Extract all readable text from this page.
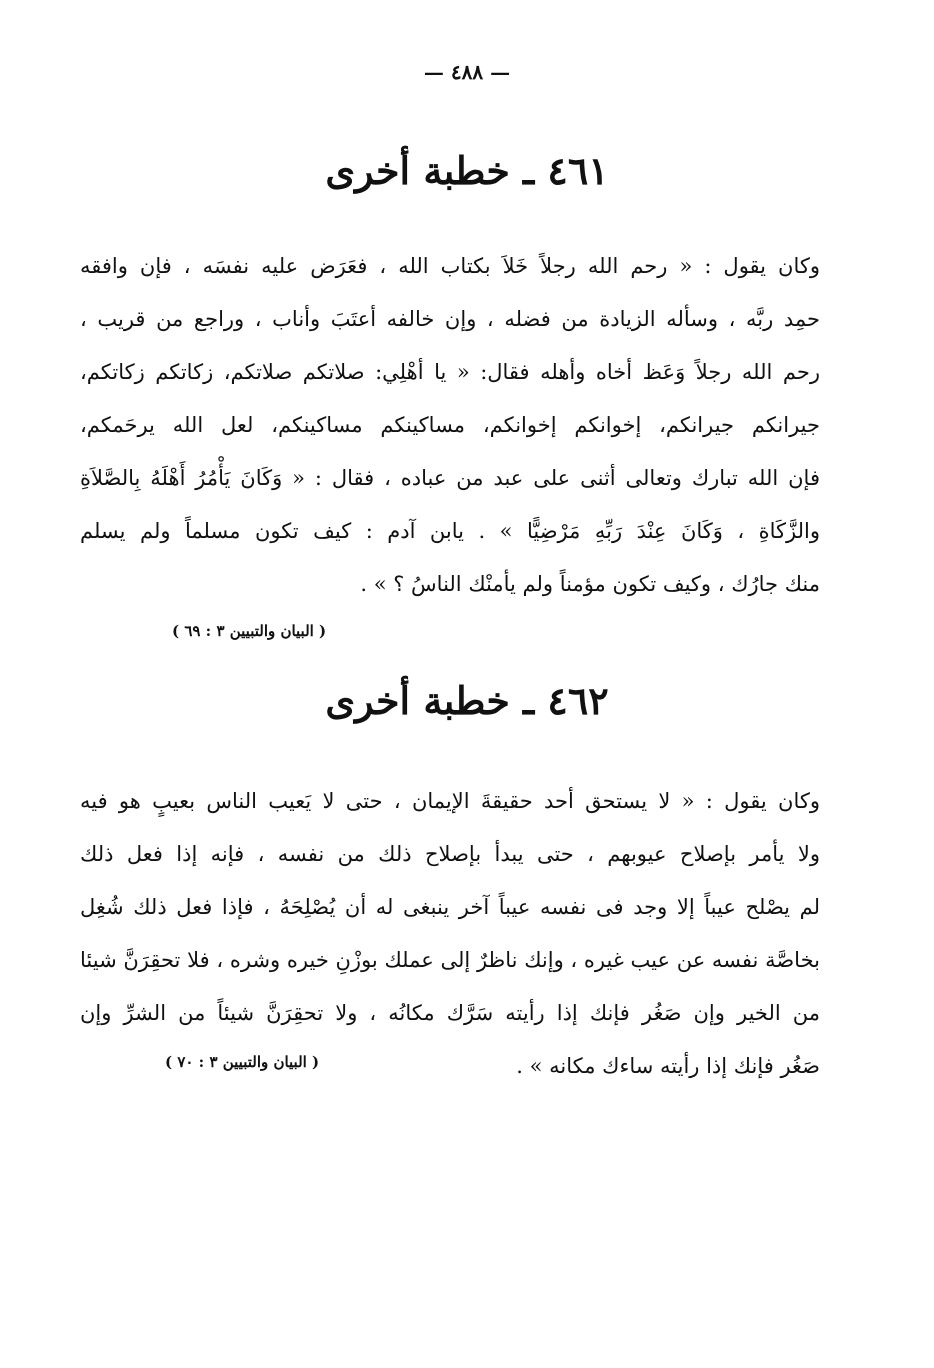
— ٤٨٨ —
٤٦١ ـ خطبة أخرى
وكان يقول : « رحم الله رجلاً خَلاَ بكتاب الله ، فعَرَض عليه نفسَه ، فإن وافقه
حمِد ربَّه ، وسأله الزيادة من فضله ، وإن خالفه أعتَبَ وأناب ، وراجع من قريب ،
رحم الله رجلاً وَعَظ أخاه وأهله فقال: « يا أهْلِي: صلاتكم صلاتكم، زكاتكم زكاتكم،
جيرانكم جيرانكم، إخوانكم إخوانكم، مساكينكم مساكينكم، لعل الله يرحَمكم،
فإن الله تبارك وتعالى أثنى على عبد من عباده ، فقال : « وَكَانَ يَأْمُرُ أَهْلَهُ بِالصَّلاَةِ
والزَّكَاةِ ، وَكَانَ عِنْدَ رَبِّهِ مَرْضِيًّا » . يابن آدم : كيف تكون مسلماً ولم يسلم
منك جارُك ، وكيف تكون مؤمناً ولم يأمنْك الناسُ ؟ » .
( البيان والتبيين ٣ : ٦٩ )
٤٦٢ ـ خطبة أخرى
وكان يقول : « لا يستحق أحد حقيقةَ الإيمان ، حتى لا يَعيب الناس بعيبٍ هو فيه
ولا يأمر بإصلاح عيوبهم ، حتى يبدأ بإصلاح ذلك من نفسه ، فإنه إذا فعل ذلك
لم يصْلح عيباً إلا وجد فى نفسه عيباً آخر ينبغى له أن يُصْلِحَهُ ، فإذا فعل ذلك شُغِل
بخاصَّة نفسه عن عيب غيره ، وإنك ناظرٌ إلى عملك بوزْنِ خيره وشره ، فلا تحقِرَنَّ شيئا
من الخير وإن صَغُر فإنك إذا رأيته سَرَّك مكانُه ، ولا تحقِرَنَّ شيئاً من الشرِّ وإن
صَغُر فإنك إذا رأيته ساءك مكانه » .
( البيان والتبيين ٣ : ٧٠ )
